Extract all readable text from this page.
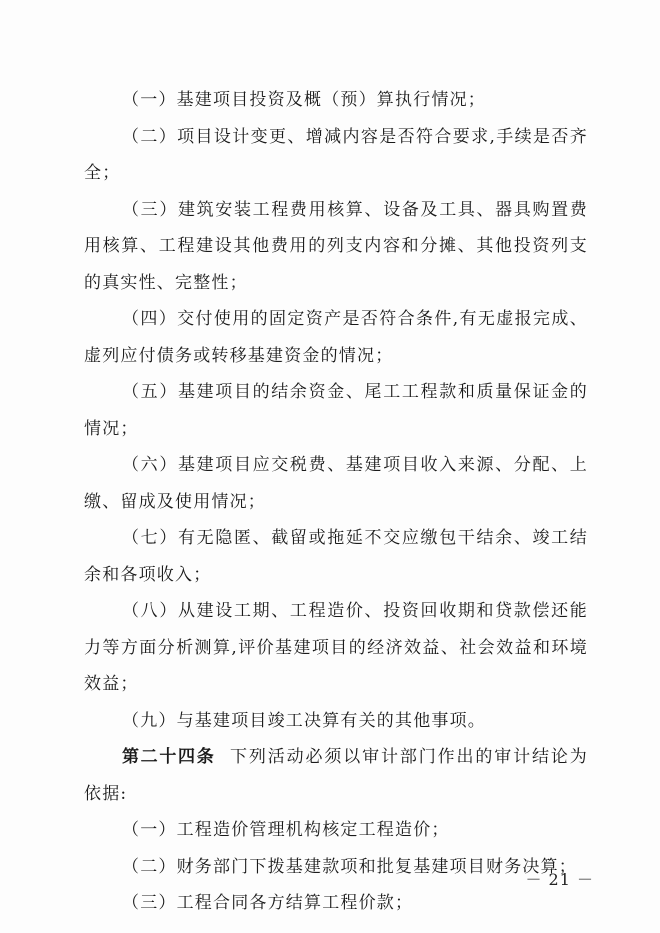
（一）基建项目投资及概（预）算执行情况；

（二）项目设计变更、增减内容是否符合要求,手续是否齐全；

（三）建筑安装工程费用核算、设备及工具、器具购置费用核算、工程建设其他费用的列支内容和分摊、其他投资列支的真实性、完整性；

（四）交付使用的固定资产是否符合条件,有无虚报完成、虚列应付债务或转移基建资金的情况；

（五）基建项目的结余资金、尾工工程款和质量保证金的情况；

（六）基建项目应交税费、基建项目收入来源、分配、上缴、留成及使用情况；

（七）有无隐匿、截留或拖延不交应缴包干结余、竣工结余和各项收入；

（八）从建设工期、工程造价、投资回收期和贷款偿还能力等方面分析测算,评价基建项目的经济效益、社会效益和环境效益；

（九）与基建项目竣工决算有关的其他事项。

第二十四条 下列活动必须以审计部门作出的审计结论为依据:

（一）工程造价管理机构核定工程造价；

（二）财务部门下拨基建款项和批复基建项目财务决算；

（三）工程合同各方结算工程价款；

－ 21 －
